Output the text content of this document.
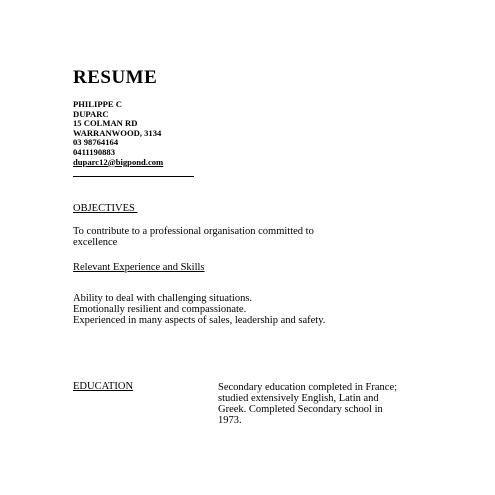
RESUME
PHILIPPE C
DUPARC
15 COLMAN RD
WARRANWOOD, 3134
03 98764164
0411190883
duparc12@bigpond.com
OBJECTIVES
To contribute to a professional organisation committed to
excellence
Relevant Experience and Skills
Ability to deal with challenging situations.
Emotionally resilient and compassionate.
Experienced in many aspects of sales, leadership and safety.
EDUCATION	Secondary education completed in France;
studied extensively English, Latin and
Greek. Completed Secondary school in
1973.
